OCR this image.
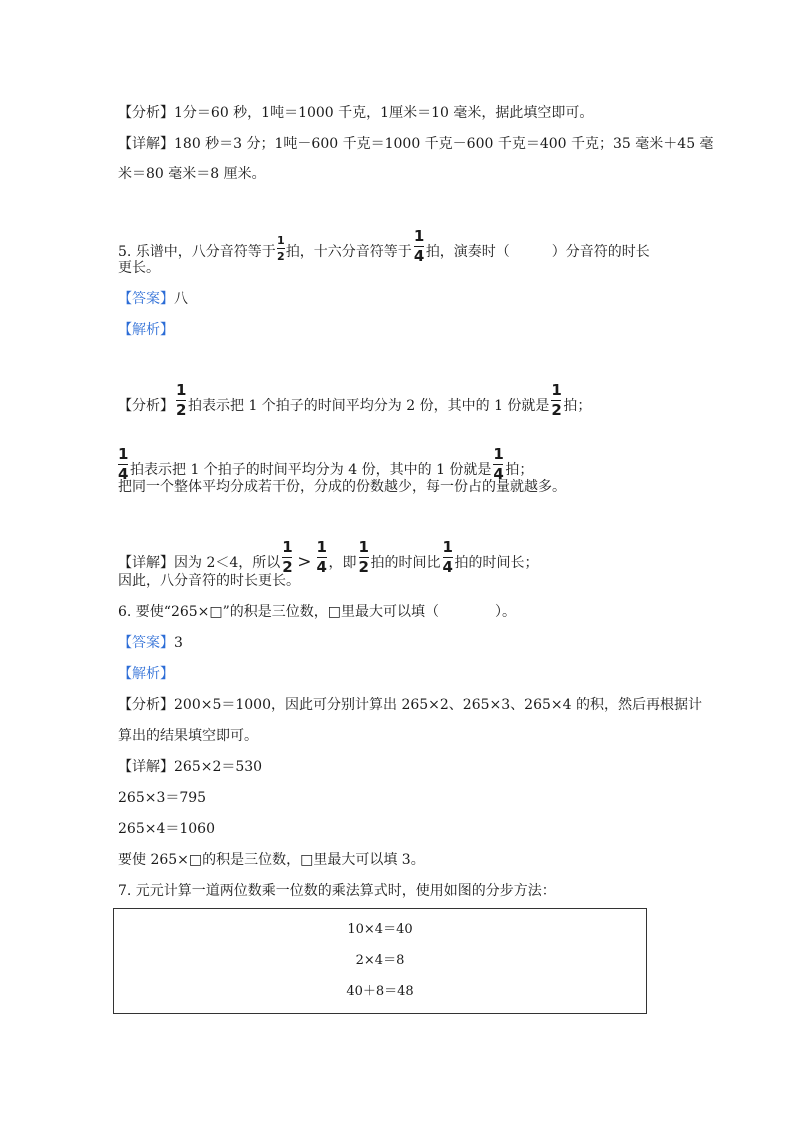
【分析】1分＝60 秒，1吨＝1000 千克，1厘米＝10 毫米，据此填空即可。
【详解】180 秒＝3 分；1吨－600 千克＝1000 千克－600 千克＝400 千克；35 毫米＋45 毫
米＝80 毫米＝8 厘米。
5. 乐谱中，八分音符等于 $\frac{1}{2}$ 拍，十六分音符等于 $\frac{1}{4}$ 拍，演奏时（　　　）分音符的时长
更长。
【答案】八
【解析】
【分析】 $\frac{1}{2}$ 拍表示把 1 个拍子的时间平均分为 2 份，其中的 1 份就是 $\frac{1}{2}$ 拍；
$\frac{1}{4}$ 拍表示把 1 个拍子的时间平均分为 4 份，其中的 1 份就是 $\frac{1}{4}$ 拍；
把同一个整体平均分成若干份，分成的份数越少，每一份占的量就越多。
【详解】因为 2＜4，所以 $\frac{1}{2} > \frac{1}{4}$ ，即 $\frac{1}{2}$ 拍的时间比 $\frac{1}{4}$ 拍的时间长；
因此，八分音符的时长更长。
6. 要使“265×□”的积是三位数，□里最大可以填（　　　　）。
【答案】3
【解析】
【分析】200×5＝1000，因此可分别计算出 265×2、265×3、265×4 的积，然后再根据计
算出的结果填空即可。
【详解】265×2＝530
265×3＝795
265×4＝1060
要使 265×□的积是三位数，□里最大可以填 3。
7. 元元计算一道两位数乘一位数的乘法算式时，使用如图的分步方法：
10×4＝40
2×4＝8
40＋8＝48
